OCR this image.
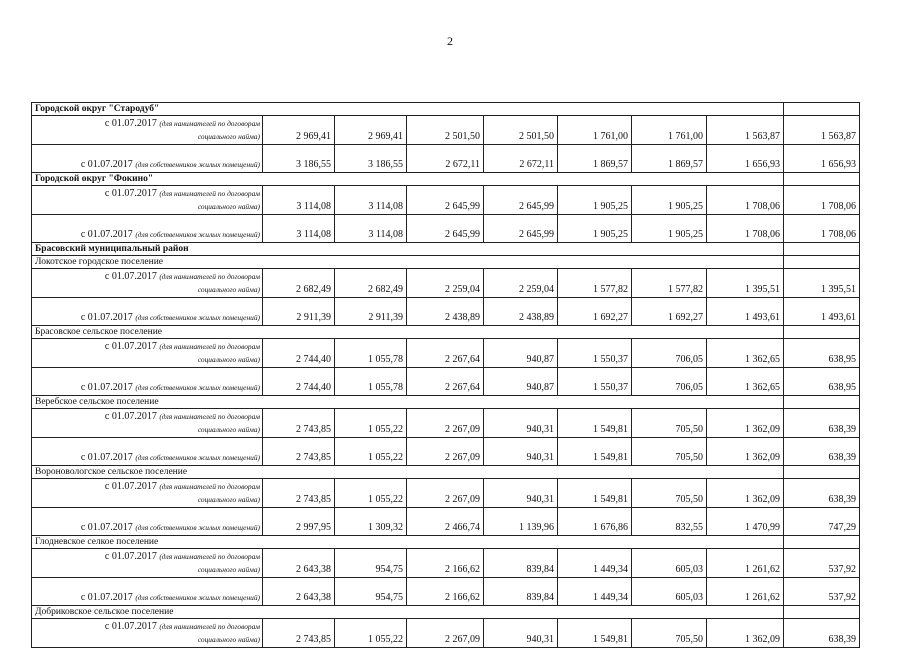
2
Городской округ "Стародуб"								

с 01.07.2017 (для нанимателей по договорам
социального найма)	2 969,41	2 969,41	2 501,50	2 501,50	1 761,00	1 761,00	1 563,87	1 563,87

с 01.07.2017 (для собственников жилых помещений)	3 186,55	3 186,55	2 672,11	2 672,11	1 869,57	1 869,57	1 656,93	1 656,93
Городской округ "Фокино"								

с 01.07.2017 (для нанимателей по договорам
социального найма)	3 114,08	3 114,08	2 645,99	2 645,99	1 905,25	1 905,25	1 708,06	1 708,06

с 01.07.2017 (для собственников жилых помещений)	3 114,08	3 114,08	2 645,99	2 645,99	1 905,25	1 905,25	1 708,06	1 708,06
Брасовский муниципальный район								
Локотское городское поселение								

с 01.07.2017 (для нанимателей по договорам
социального найма)	2 682,49	2 682,49	2 259,04	2 259,04	1 577,82	1 577,82	1 395,51	1 395,51

с 01.07.2017 (для собственников жилых помещений)	2 911,39	2 911,39	2 438,89	2 438,89	1 692,27	1 692,27	1 493,61	1 493,61
Брасовское сельское поселение								

с 01.07.2017 (для нанимателей по договорам
социального найма)	2 744,40	1 055,78	2 267,64	940,87	1 550,37	706,05	1 362,65	638,95

с 01.07.2017 (для собственников жилых помещений)	2 744,40	1 055,78	2 267,64	940,87	1 550,37	706,05	1 362,65	638,95
Веребское сельское поселение								

с 01.07.2017 (для нанимателей по договорам
социального найма)	2 743,85	1 055,22	2 267,09	940,31	1 549,81	705,50	1 362,09	638,39

с 01.07.2017 (для собственников жилых помещений)	2 743,85	1 055,22	2 267,09	940,31	1 549,81	705,50	1 362,09	638,39
Вороновологское сельское поселение								

с 01.07.2017 (для нанимателей по договорам
социального найма)	2 743,85	1 055,22	2 267,09	940,31	1 549,81	705,50	1 362,09	638,39

с 01.07.2017 (для собственников жилых помещений)	2 997,95	1 309,32	2 466,74	1 139,96	1 676,86	832,55	1 470,99	747,29
Глодневское селкое поселение								

с 01.07.2017 (для нанимателей по договорам
социального найма)	2 643,38	954,75	2 166,62	839,84	1 449,34	605,03	1 261,62	537,92

с 01.07.2017 (для собственников жилых помещений)	2 643,38	954,75	2 166,62	839,84	1 449,34	605,03	1 261,62	537,92
Добриковское сельское поселение								

с 01.07.2017 (для нанимателей по договорам
социального найма)	2 743,85	1 055,22	2 267,09	940,31	1 549,81	705,50	1 362,09	638,39
